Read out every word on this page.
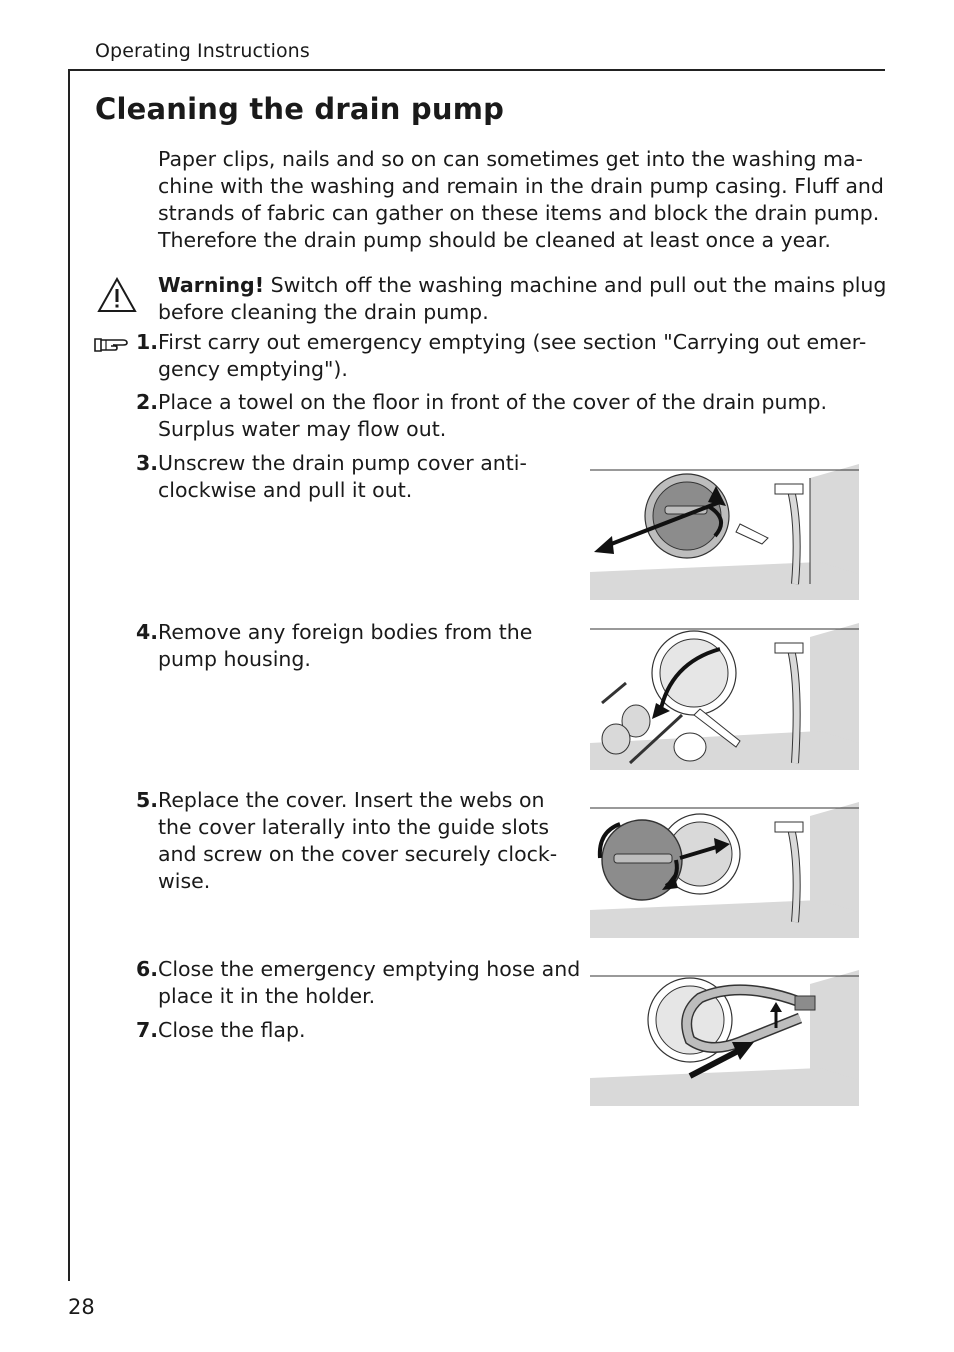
Operating Instructions
28
Cleaning the drain pump
Paper clips, nails and so on can sometimes get into the washing ma-
chine with the washing and remain in the drain pump casing. Fluff and
strands of fabric can gather on these items and block the drain pump.
Therefore the drain pump should be cleaned at least once a year.
Warning! Switch off the washing machine and pull out the mains plug
before cleaning the drain pump.
1. First carry out emergency emptying (see section "Carrying out emer-
gency emptying").
2. Place a towel on the floor in front of the cover of the drain pump.
Surplus water may flow out.
3. Unscrew the drain pump cover anti-
clockwise and pull it out.
4. Remove any foreign bodies from the
pump housing.
5. Replace the cover. Insert the webs on
the cover laterally into the guide slots
and screw on the cover securely clock-
wise.
6. Close the emergency emptying hose and
place it in the holder.
7. Close the flap.
